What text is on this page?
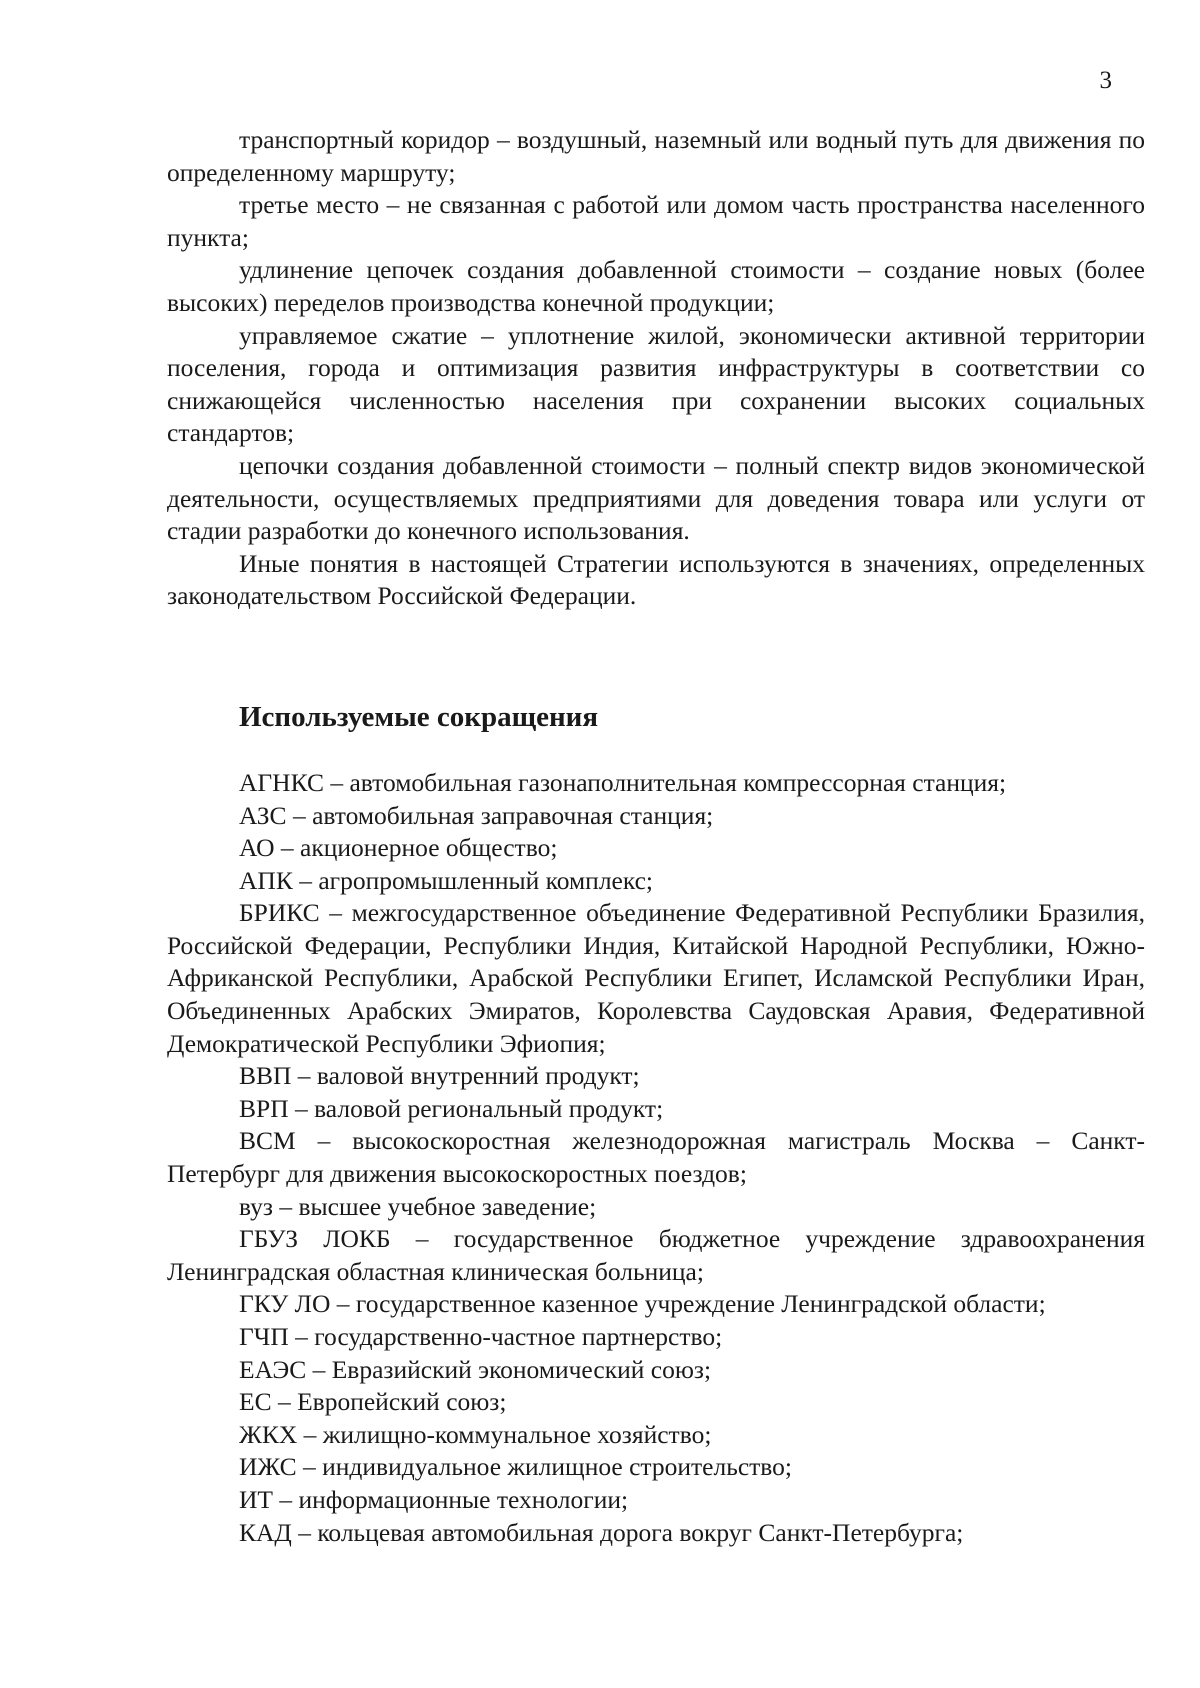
3

транспортный коридор – воздушный, наземный или водный путь для движения по определенному маршруту;

третье место – не связанная с работой или домом часть пространства населенного пункта;

удлинение цепочек создания добавленной стоимости – создание новых (более высоких) переделов производства конечной продукции;

управляемое сжатие – уплотнение жилой, экономически активной территории поселения, города и оптимизация развития инфраструктуры в соответствии со снижающейся численностью населения при сохранении высоких социальных стандартов;

цепочки создания добавленной стоимости – полный спектр видов экономической деятельности, осуществляемых предприятиями для доведения товара или услуги от стадии разработки до конечного использования.

Иные понятия в настоящей Стратегии используются в значениях, определенных законодательством Российской Федерации.

Используемые сокращения

АГНКС – автомобильная газонаполнительная компрессорная станция;

АЗС – автомобильная заправочная станция;

АО – акционерное общество;

АПК – агропромышленный комплекс;

БРИКС – межгосударственное объединение Федеративной Республики Бразилия, Российской Федерации, Республики Индия, Китайской Народной Республики, Южно-Африканской Республики, Арабской Республики Египет, Исламской Республики Иран, Объединенных Арабских Эмиратов, Королевства Саудовская Аравия, Федеративной Демократической Республики Эфиопия;

ВВП – валовой внутренний продукт;

ВРП – валовой региональный продукт;

ВСМ – высокоскоростная железнодорожная магистраль Москва – Санкт-Петербург для движения высокоскоростных поездов;

вуз – высшее учебное заведение;

ГБУЗ ЛОКБ – государственное бюджетное учреждение здравоохранения Ленинградская областная клиническая больница;

ГКУ ЛО – государственное казенное учреждение Ленинградской области;

ГЧП – государственно-частное партнерство;

ЕАЭС – Евразийский экономический союз;

ЕС – Европейский союз;

ЖКХ – жилищно-коммунальное хозяйство;

ИЖС – индивидуальное жилищное строительство;

ИТ – информационные технологии;

КАД – кольцевая автомобильная дорога вокруг Санкт-Петербурга;
